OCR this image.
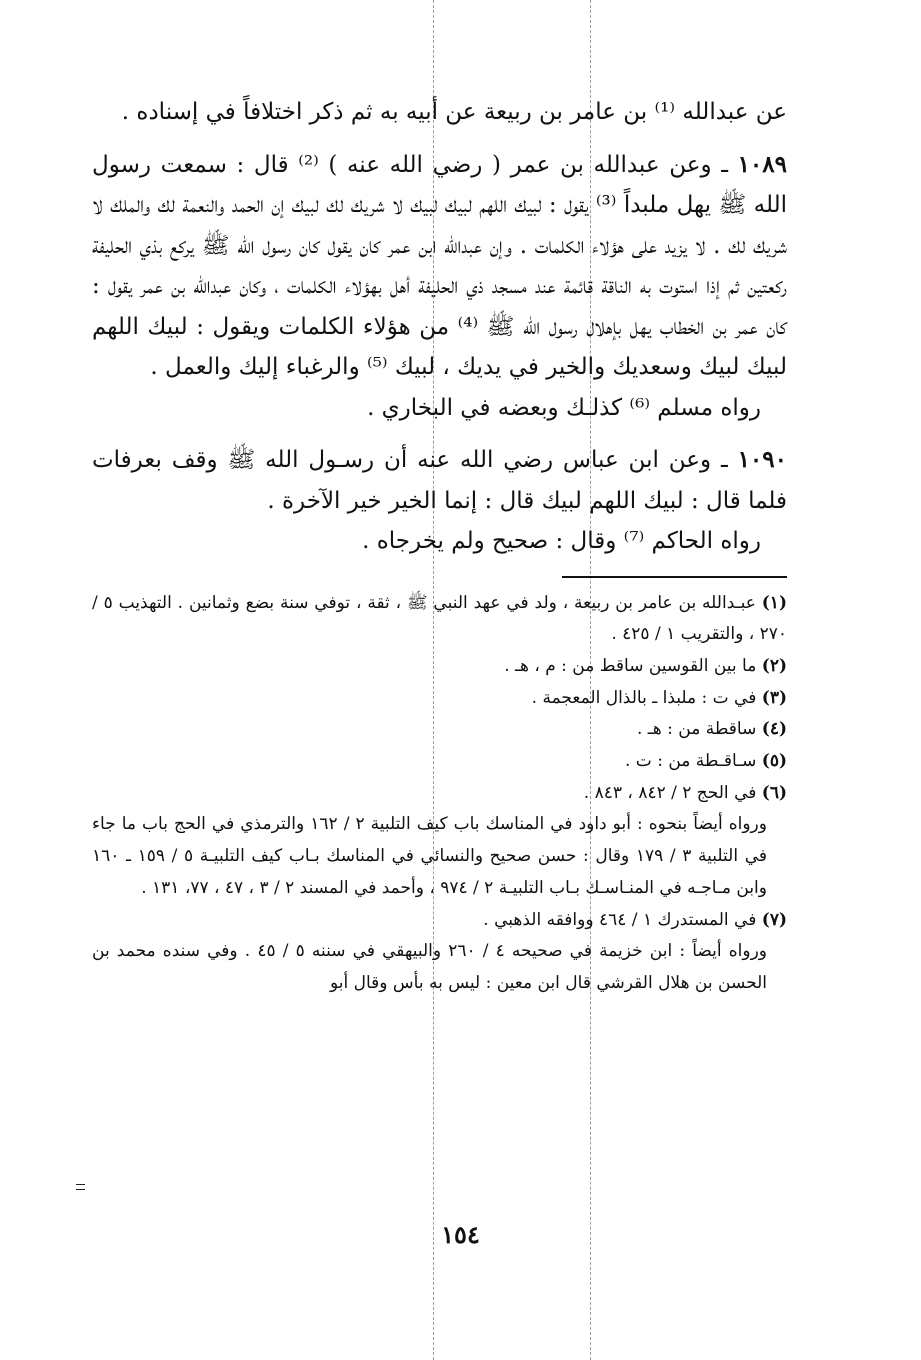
عن عبدالله ⁽¹⁾ بن عامر بن ربيعة عن أبيه به ثم ذكر اختلافاً في إسناده .

١٠٨٩ ـ وعن عبدالله بن عمر ( رضي الله عنه ) ⁽²⁾ قال : سمعت رسول الله ﷺ يهل ملبداً ⁽³⁾ يقول : لبيك اللهم لبيك لبيك لا شريك لك لبيك إن الحمد والنعمة لك والملك لا شريك لك . لا يزيد على هؤلاء الكلمات . وإن عبدالله ابن عمر كان يقول كان رسول الله ﷺ يركع بذي الحليفة ركعتين ثم إذا استوت به الناقة قائمة عند مسجد ذي الحليفة أهل بهؤلاء الكلمات ، وكان عبدالله بن عمر يقول : كان عمر بن الخطاب يهل بإهلال رسول الله ﷺ ⁽⁴⁾ من هؤلاء الكلمات ويقول : لبيك اللهم لبيك لبيك وسعديك والخير في يديك ، لبيك ⁽⁵⁾ والرغباء إليك والعمل .

رواه مسلم ⁽⁶⁾ كذلـك وبعضه في البخاري .

١٠٩٠ ـ وعن ابن عباس رضي الله عنه أن رسـول الله ﷺ وقف بعرفات فلما قال : لبيك اللهم لبيك قال : إنما الخير خير الآخرة .

رواه الحاكم ⁽⁷⁾ وقال : صحيح ولم يخرجاه .

(١) عبـدالله بن عامر بن ربيعة ، ولد في عهد النبي ﷺ ، ثقة ، توفي سنة بضع وثمانين . التهذيب ٥ / ٢٧٠ ، والتقريب ١ / ٤٢٥ .

(٢) ما بين القوسين ساقط من : م ، هـ .

(٣) في ت : ملبذا ـ بالذال المعجمة .

(٤) ساقطة من : هـ .

(٥) سـاقـطة من : ت .

(٦) في الحج ٢ / ٨٤٢ ، ٨٤٣ .

ورواه أيضاً بنحوه : أبو داود في المناسك باب كيف التلبية ٢ / ١٦٢ والترمذي في الحج باب ما جاء في التلبية ٣ / ١٧٩ وقال : حسن صحيح والنسائي في المناسك بـاب كيف التلبيـة ٥ / ١٥٩ ـ ١٦٠ وابن مـاجـه في المنـاسـك بـاب التلبيـة ٢ / ٩٧٤ ، وأحمد في المسند ٢ / ٣ ، ٤٧ ، ٧٧، ١٣١ .

(٧) في المستدرك ١ / ٤٦٤ ووافقه الذهبي .

ورواه أيضاً : ابن خزيمة في صحيحه ٤ / ٢٦٠ والبيهقي في سننه ٥ / ٤٥ . وفي سنده محمد بن الحسن بن هلال القرشي قال ابن معين : ليس به بأس وقال أبو

١٥٤
